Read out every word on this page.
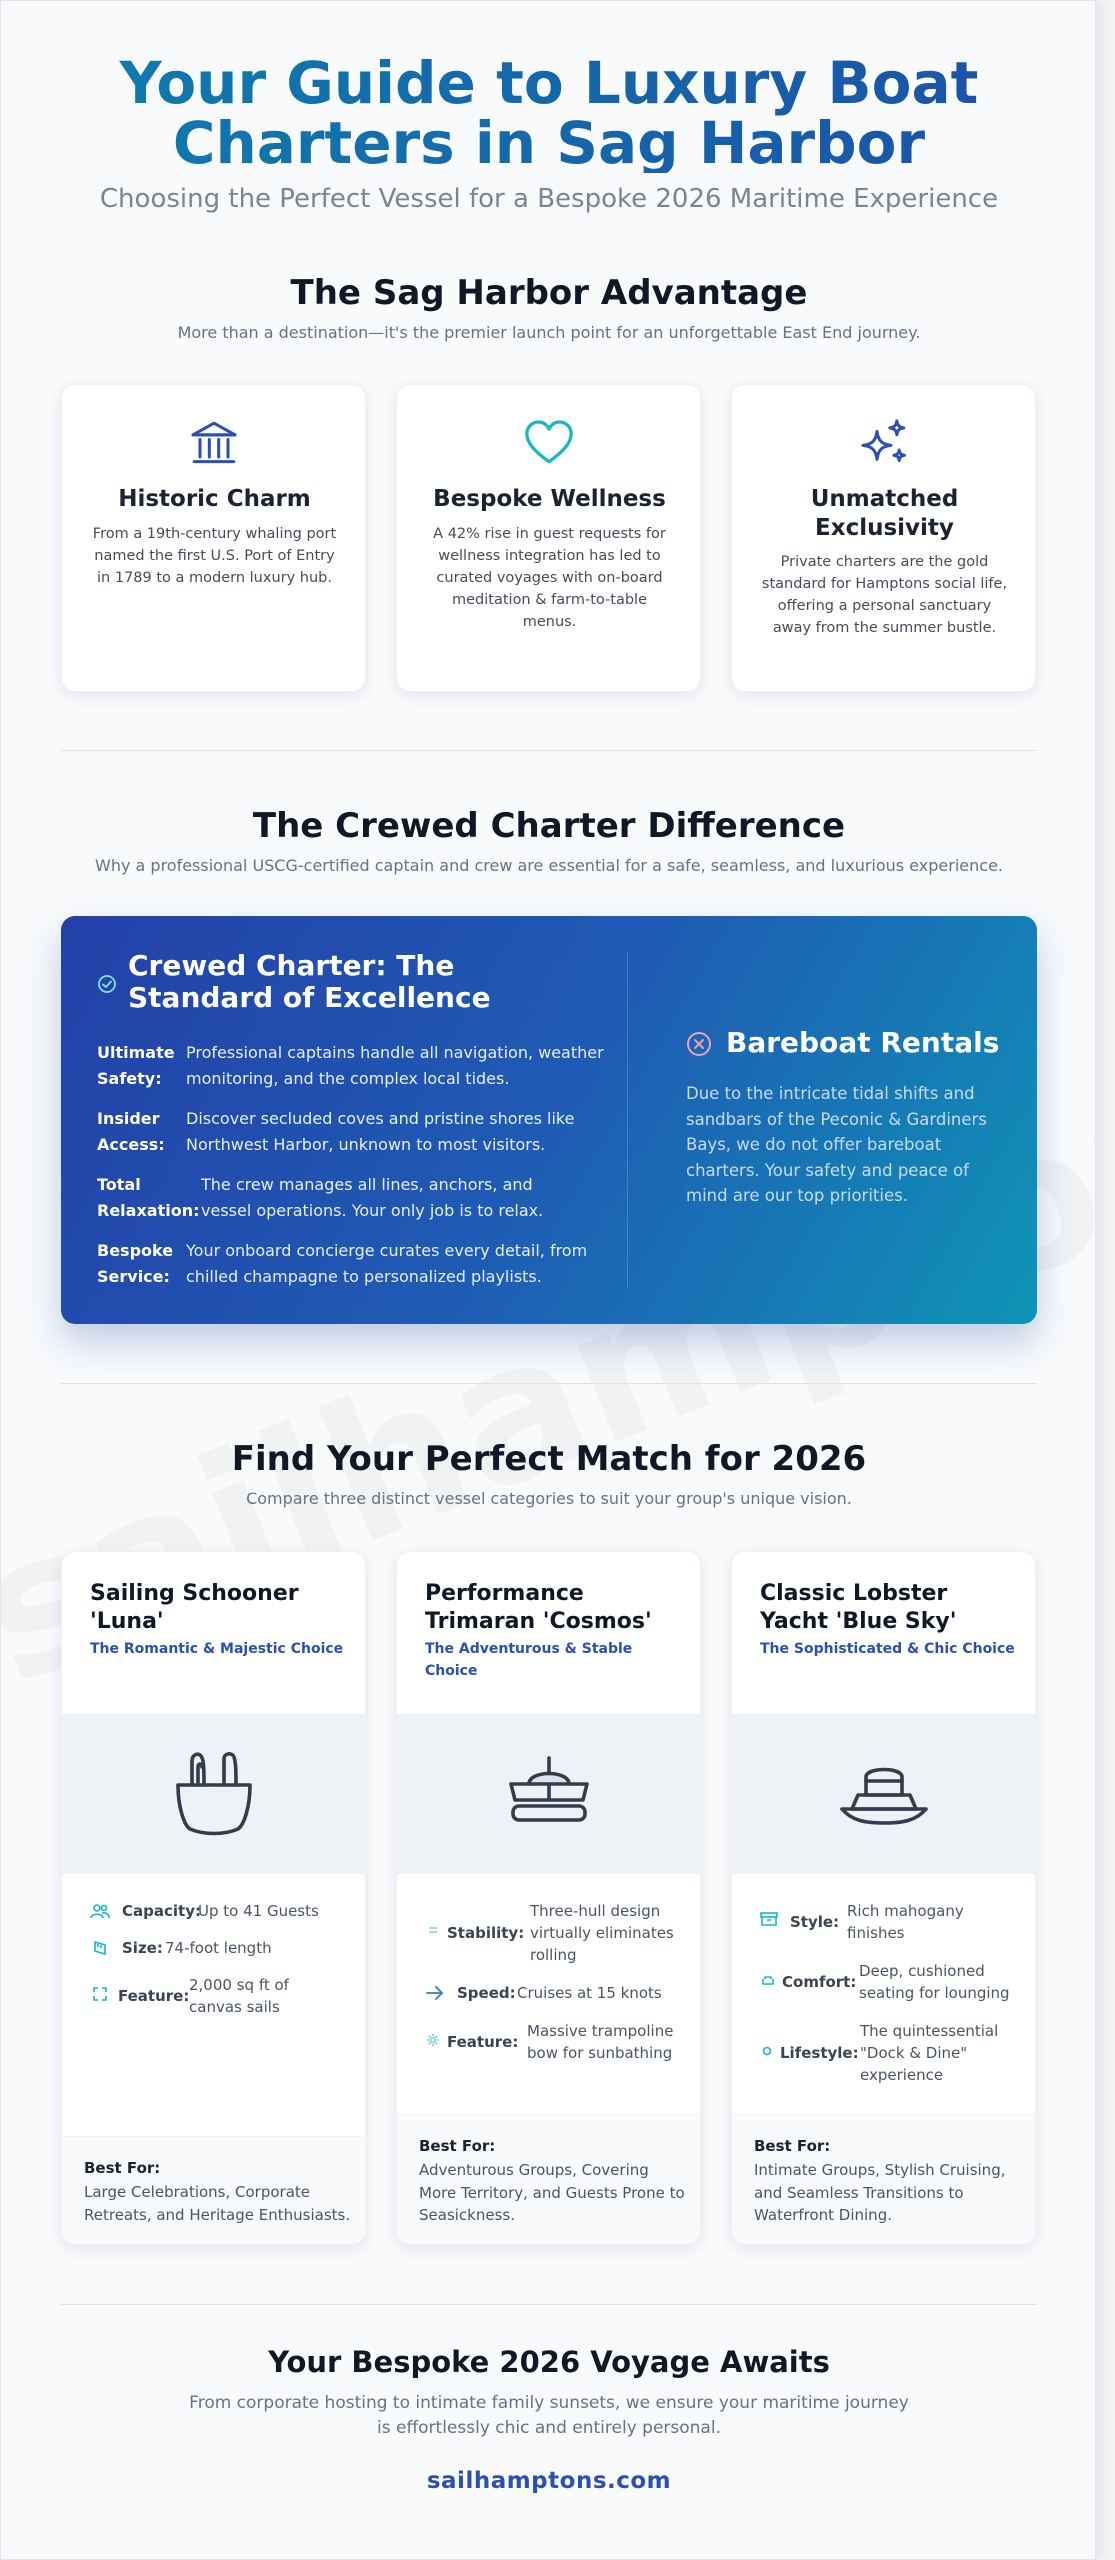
Your Guide to Luxury Boat
Charters in Sag Harbor
Choosing the Perfect Vessel for a Bespoke 2026 Maritime Experience
The Sag Harbor Advantage
More than a destination—it's the premier launch point for an unforgettable East End journey.
Historic Charm
From a 19th-century whaling port named the first U.S. Port of Entry in 1789 to a modern luxury hub.
Bespoke Wellness
A 42% rise in guest requests for wellness integration has led to curated voyages with on-board meditation & farm-to-table menus.
Unmatched Exclusivity
Private charters are the gold standard for Hamptons social life, offering a personal sanctuary away from the summer bustle.
The Crewed Charter Difference
Why a professional USCG-certified captain and crew are essential for a safe, seamless, and luxurious experience.
Crewed Charter: The Standard of Excellence
Ultimate Safety:
Professional captains handle all navigation, weather monitoring, and the complex local tides.
Insider Access:
Discover secluded coves and pristine shores like Northwest Harbor, unknown to most visitors.
Total Relaxation:
The crew manages all lines, anchors, and vessel operations. Your only job is to relax.
Bespoke Service:
Your onboard concierge curates every detail, from chilled champagne to personalized playlists.
Bareboat Rentals
Due to the intricate tidal shifts and sandbars of the Peconic & Gardiners Bays, we do not offer bareboat charters. Your safety and peace of mind are our top priorities.
Find Your Perfect Match for 2026
Compare three distinct vessel categories to suit your group's unique vision.
Sailing Schooner 'Luna'
The Romantic & Majestic Choice
Capacity:
Up to 41 Guests
Size: 74-foot length
Feature:
2,000 sq ft of canvas sails
Best For:
Large Celebrations, Corporate Retreats, and Heritage Enthusiasts.
Performance Trimaran 'Cosmos'
The Adventurous & Stable Choice
Stability:
Three-hull design virtually eliminates rolling
Speed: Cruises at 15 knots
Feature:
Massive trampoline bow for sunbathing
Best For:
Adventurous Groups, Covering More Territory, and Guests Prone to Seasickness.
Classic Lobster Yacht 'Blue Sky'
The Sophisticated & Chic Choice
Style:
Rich mahogany finishes
Comfort:
Deep, cushioned seating for lounging
Lifestyle:
The quintessential "Dock & Dine" experience
Best For:
Intimate Groups, Stylish Cruising, and Seamless Transitions to Waterfront Dining.
Your Bespoke 2026 Voyage Awaits
From corporate hosting to intimate family sunsets, we ensure your maritime journey is effortlessly chic and entirely personal.
sailhamptons.com
